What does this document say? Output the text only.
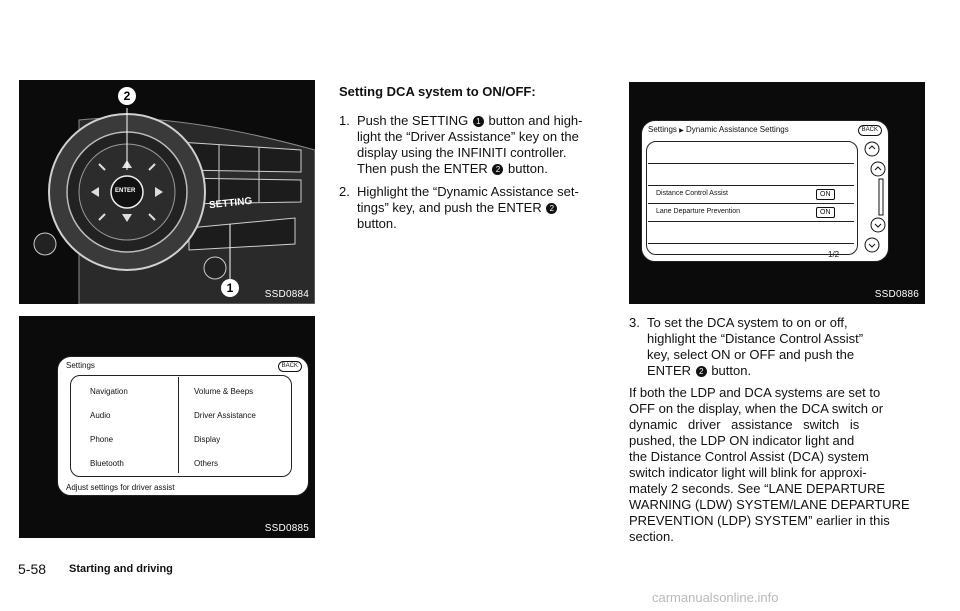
2
1
ENTER
SETTING
SSD0884
Settings	BACK
Navigation
Audio
Phone
Bluetooth
Volume & Beeps
Driver Assistance
Display
Others
Adjust settings for driver assist
SSD0885
Settings ▶ Dynamic Assistance Settings	BACK
Distance Control Assist	ON
Lane Departure Prevention	ON
1/2
SSD0886
Setting DCA system to ON/OFF:
1. Push the SETTING 1 button and high-
light the “Driver Assistance” key on the
display using the INFINITI controller.
Then push the ENTER 2 button.
2. Highlight the “Dynamic Assistance set-
tings” key, and push the ENTER 2
button.
3. To set the DCA system to on or off,
highlight the “Distance Control Assist”
key, select ON or OFF and push the
ENTER 2 button.
If both the LDP and DCA systems are set to
OFF on the display, when the DCA switch or
dynamic driver assistance switch is
pushed, the LDP ON indicator light and
the Distance Control Assist (DCA) system
switch indicator light will blink for approxi-
mately 2 seconds. See “LANE DEPARTURE
WARNING (LDW) SYSTEM/LANE DEPARTURE
PREVENTION (LDP) SYSTEM” earlier in this
section.
5-58 Starting and driving
carmanualsonline.info
